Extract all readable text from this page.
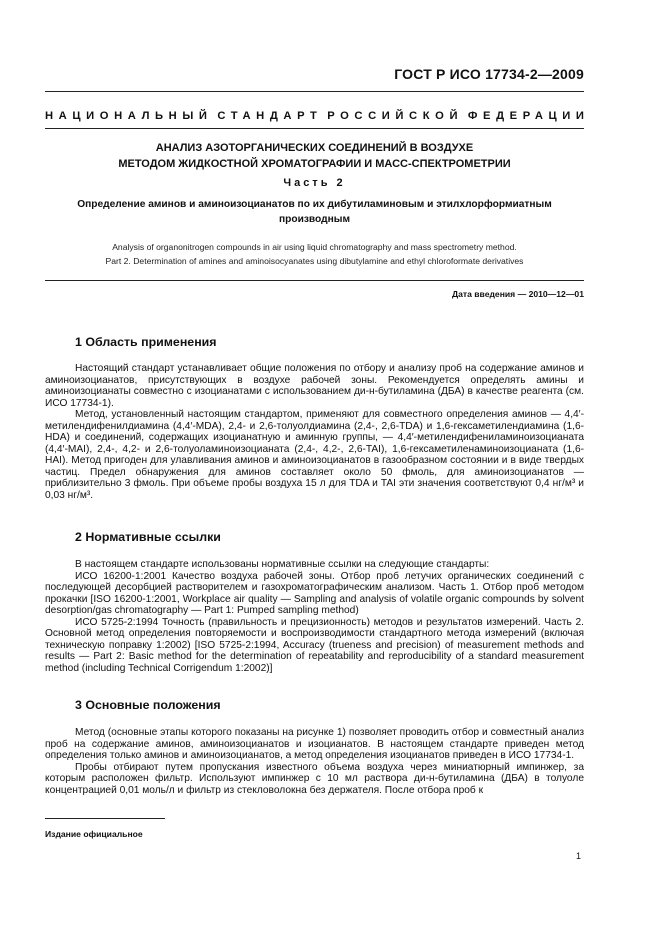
ГОСТ Р ИСО 17734-2—2009
НАЦИОНАЛЬНЫЙ СТАНДАРТ РОССИЙСКОЙ ФЕДЕРАЦИИ
АНАЛИЗ АЗОТОРГАНИЧЕСКИХ СОЕДИНЕНИЙ В ВОЗДУХЕ
МЕТОДОМ ЖИДКОСТНОЙ ХРОМАТОГРАФИИ И МАСС-СПЕКТРОМЕТРИИ
Часть 2
Определение аминов и аминоизоцианатов по их дибутиламиновым и этилхлорформиатным
производным
Analysis of organonitrogen compounds in air using liquid chromatography and mass spectrometry method.
Part 2. Determination of amines and aminoisocyanates using dibutylamine and ethyl chloroformate derivatives
Дата введения — 2010—12—01
1 Область применения

Настоящий стандарт устанавливает общие положения по отбору и анализу проб на содержание аминов и аминоизоцианатов, присутствующих в воздухе рабочей зоны. Рекомендуется определять амины и аминоизоцианаты совместно с изоцианатами с использованием ди-н-бутиламина (ДБА) в качестве реагента (см. ИСО 17734-1).

Метод, установленный настоящим стандартом, применяют для совместного определения аминов — 4,4′-метилендифенилдиамина (4,4′-MDA), 2,4- и 2,6-толуолдиамина (2,4-, 2,6-TDA) и 1,6-гексаметилендиамина (1,6-HDA) и соединений, содержащих изоцианатную и аминную группы, — 4,4′-метилендифениламиноизоцианата (4,4′-MAI), 2,4-, 4,2- и 2,6-толуоламиноизоцианата (2,4-, 4,2-, 2,6-TAI), 1,6-гексаметиленаминоизоцианата (1,6-HAI). Метод пригоден для улавливания аминов и аминоизоцианатов в газообразном состоянии и в виде твердых частиц. Предел обнаружения для аминов составляет около 50 фмоль, для аминоизоцианатов — приблизительно 3 фмоль. При объеме пробы воздуха 15 л для TDA и TAI эти значения соответствуют 0,4 нг/м³ и 0,03 нг/м³.

2 Нормативные ссылки

В настоящем стандарте использованы нормативные ссылки на следующие стандарты:

ИСО 16200-1:2001 Качество воздуха рабочей зоны. Отбор проб летучих органических соединений с последующей десорбцией растворителем и газохроматографическим анализом. Часть 1. Отбор проб методом прокачки [ISO 16200-1:2001, Workplace air quality — Sampling and analysis of volatile organic compounds by solvent desorption/gas chromatography — Part 1: Pumped sampling method)

ИСО 5725-2:1994 Точность (правильность и прецизионность) методов и результатов измерений. Часть 2. Основной метод определения повторяемости и воспроизводимости стандартного метода измерений (включая техническую поправку 1:2002) [ISO 5725-2:1994, Accuracy (trueness and precision) of measurement methods and results — Part 2: Basic method for the determination of repeatability and reproducibility of a standard measurement method (including Technical Corrigendum 1:2002)]

3 Основные положения

Метод (основные этапы которого показаны на рисунке 1) позволяет проводить отбор и совместный анализ проб на содержание аминов, аминоизоцианатов и изоцианатов. В настоящем стандарте приведен метод определения только аминов и аминоизоцианатов, а метод определения изоцианатов приведен в ИСО 17734-1.

Пробы отбирают путем пропускания известного объема воздуха через миниатюрный импинжер, за которым расположен фильтр. Используют импинжер с 10 мл раствора ди-н-бутиламина (ДБА) в толуоле концентрацией 0,01 моль/л и фильтр из стекловолокна без держателя. После отбора проб к

Издание официальное
1
